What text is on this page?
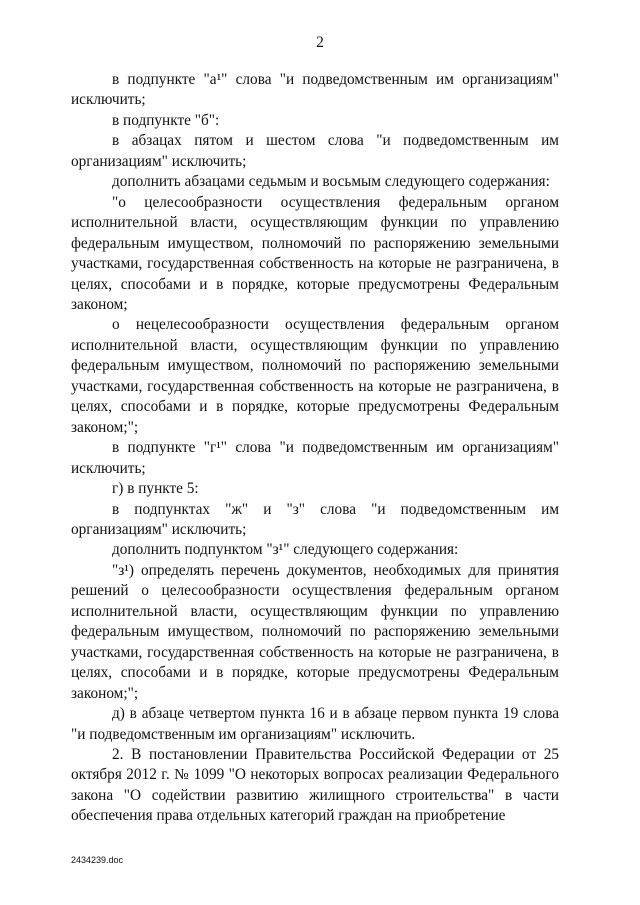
2

в подпункте "а¹" слова "и подведомственным им организациям" исключить;

в подпункте "б":

в абзацах пятом и шестом слова "и подведомственным им организациям" исключить;

дополнить абзацами седьмым и восьмым следующего содержания:

"о целесообразности осуществления федеральным органом исполнительной власти, осуществляющим функции по управлению федеральным имуществом, полномочий по распоряжению земельными участками, государственная собственность на которые не разграничена, в целях, способами и в порядке, которые предусмотрены Федеральным законом;

о нецелесообразности осуществления федеральным органом исполнительной власти, осуществляющим функции по управлению федеральным имуществом, полномочий по распоряжению земельными участками, государственная собственность на которые не разграничена, в целях, способами и в порядке, которые предусмотрены Федеральным законом;";

в подпункте "г¹" слова "и подведомственным им организациям" исключить;

г) в пункте 5:

в подпунктах "ж" и "з" слова "и подведомственным им организациям" исключить;

дополнить подпунктом "з¹" следующего содержания:

"з¹) определять перечень документов, необходимых для принятия решений о целесообразности осуществления федеральным органом исполнительной власти, осуществляющим функции по управлению федеральным имуществом, полномочий по распоряжению земельными участками, государственная собственность на которые не разграничена, в целях, способами и в порядке, которые предусмотрены Федеральным законом;";

д) в абзаце четвертом пункта 16 и в абзаце первом пункта 19 слова "и подведомственным им организациям" исключить.

2. В постановлении Правительства Российской Федерации от 25 октября 2012 г. № 1099 "О некоторых вопросах реализации Федерального закона "О содействии развитию жилищного строительства" в части обеспечения права отдельных категорий граждан на приобретение

2434239.doc
